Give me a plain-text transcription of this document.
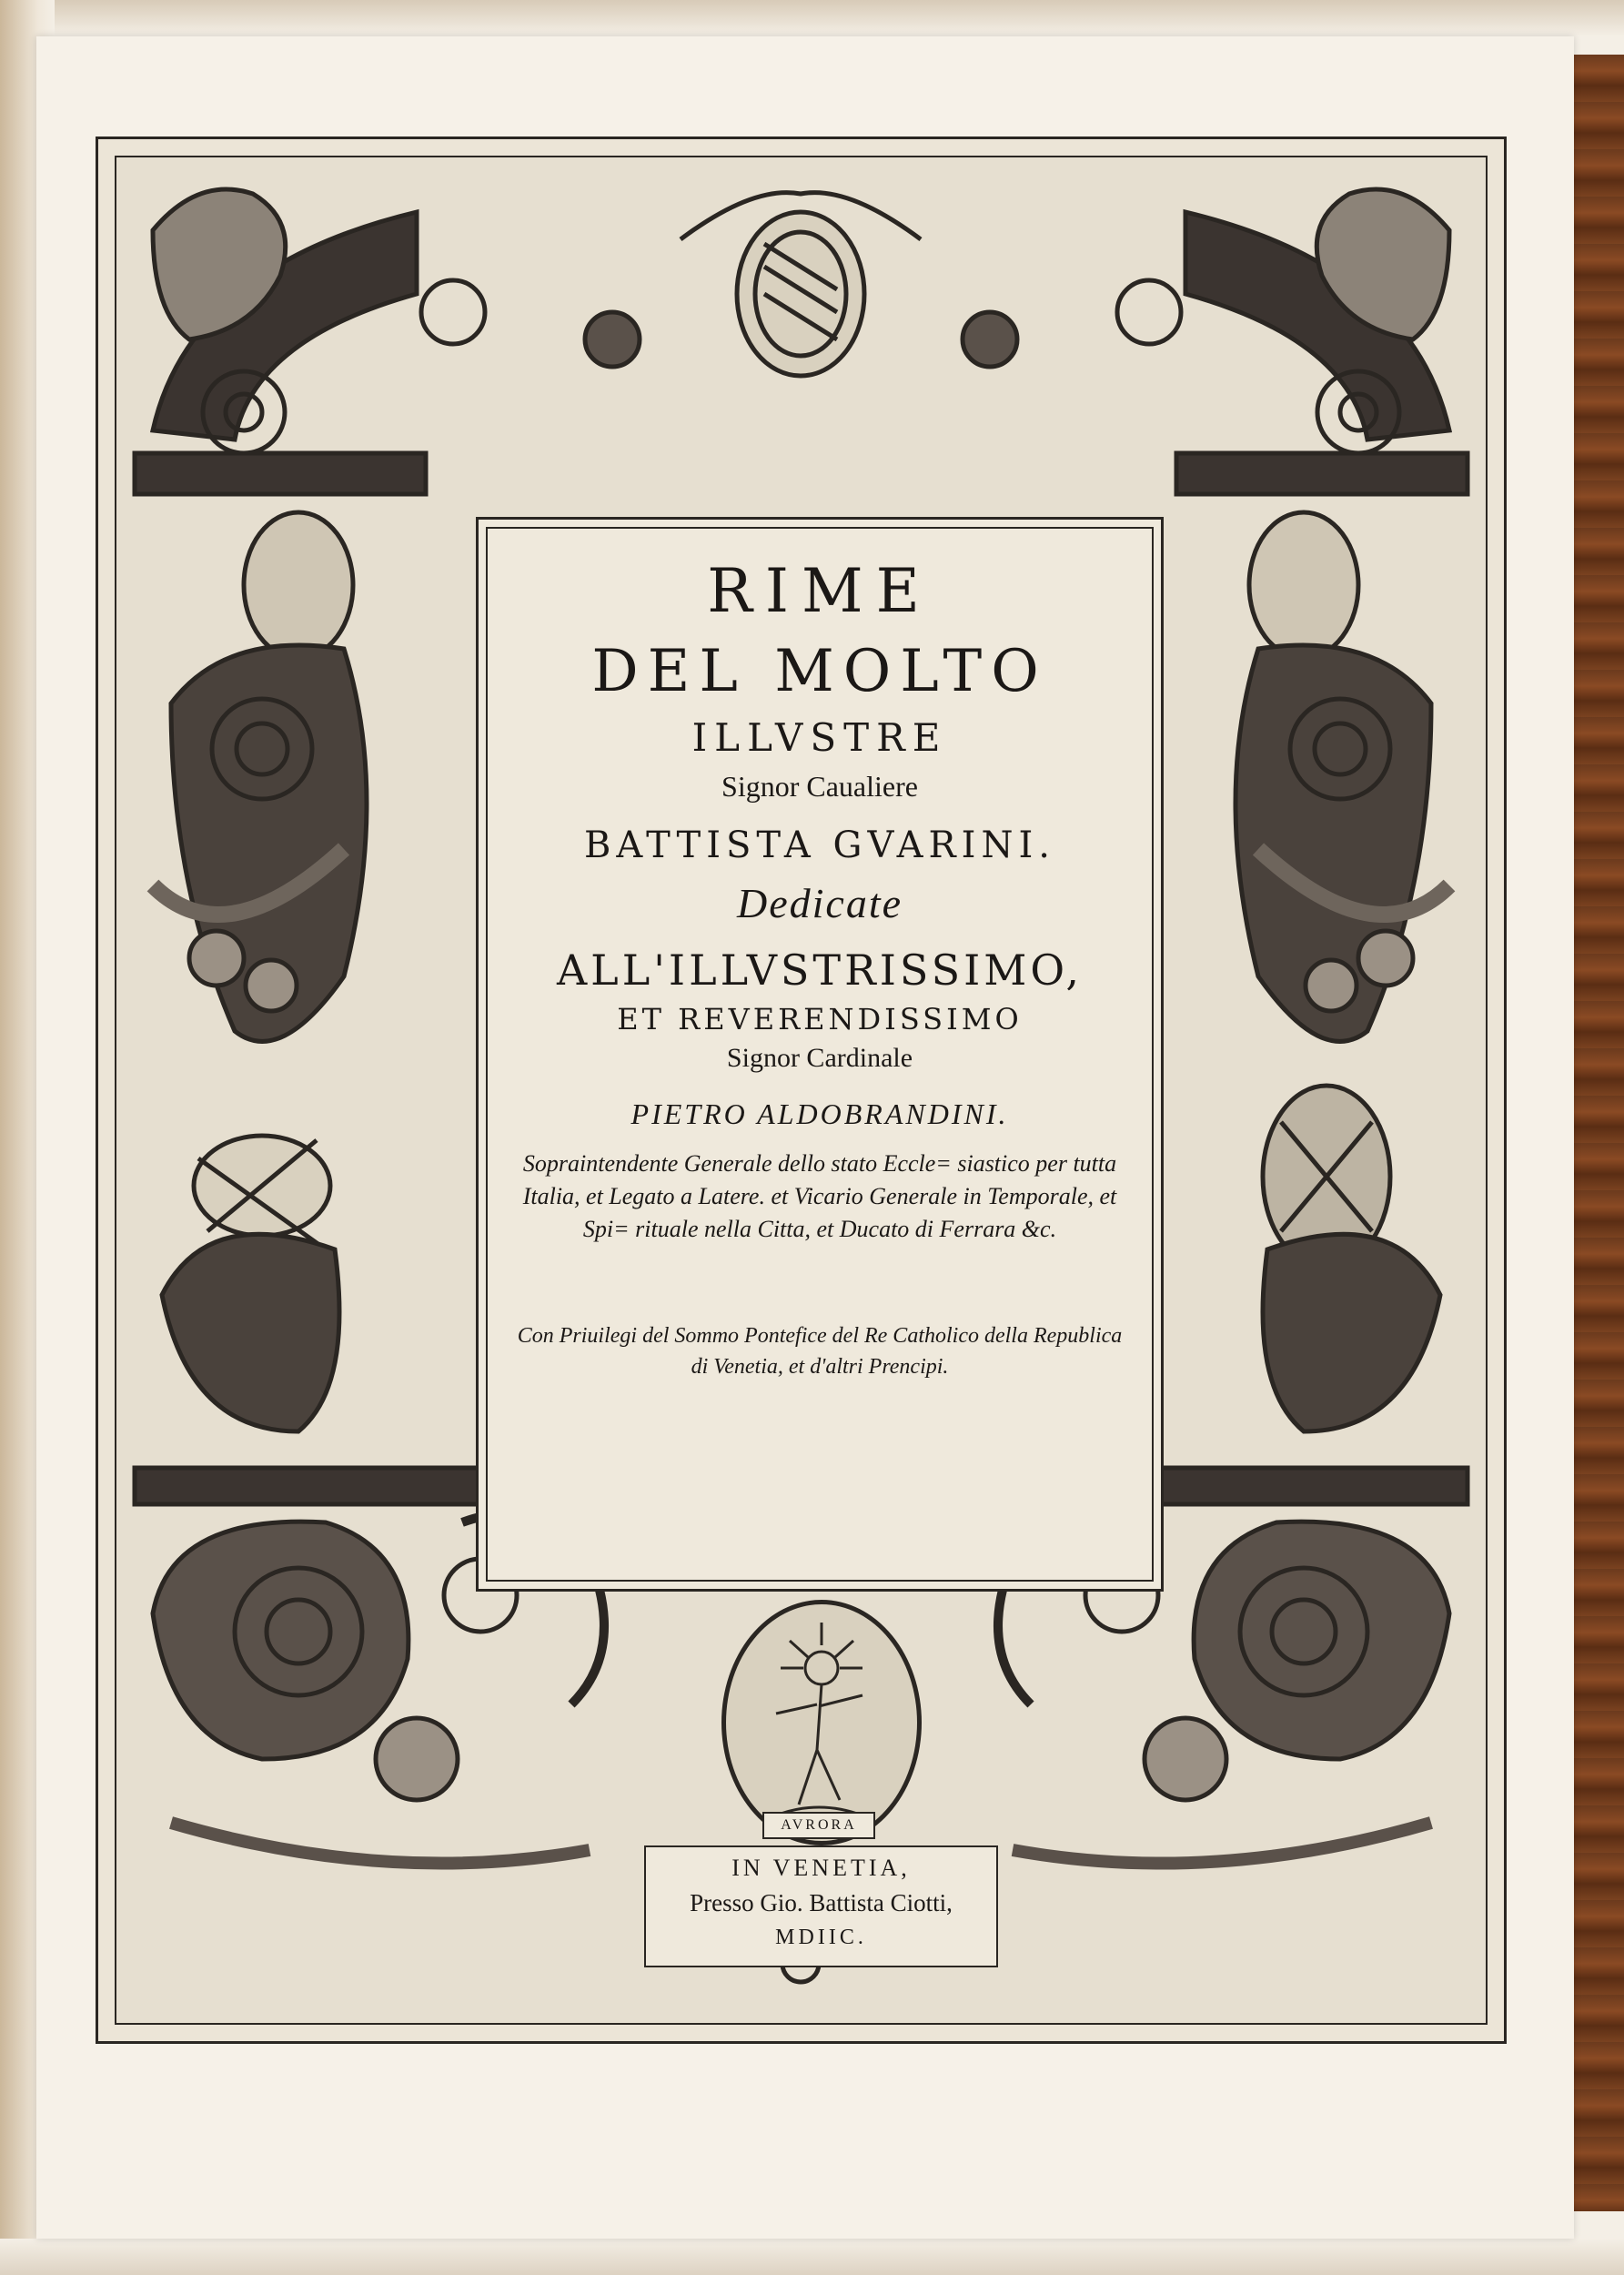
RIME
DEL MOLTO
ILLVSTRE
Signor Caualiere
BATTISTA GVARINI.
Dedicate
ALL'ILLVSTRISSIMO,
ET REVERENDISSIMO
Signor Cardinale
PIETRO ALDOBRANDINI.
Sopraintendente Generale dello stato Eccle= siastico per tutta Italia, et Legato a Latere. et Vicario Generale in Temporale, et Spi= rituale nella Citta, et Ducato di Ferrara &c.
Con Priuilegi del Sommo Pontefice del Re Catholico della Republica di Venetia, et d'altri Prencipi.
AVRORA
IN VENETIA,
Presso Gio. Battista Ciotti,
MDIIC.
